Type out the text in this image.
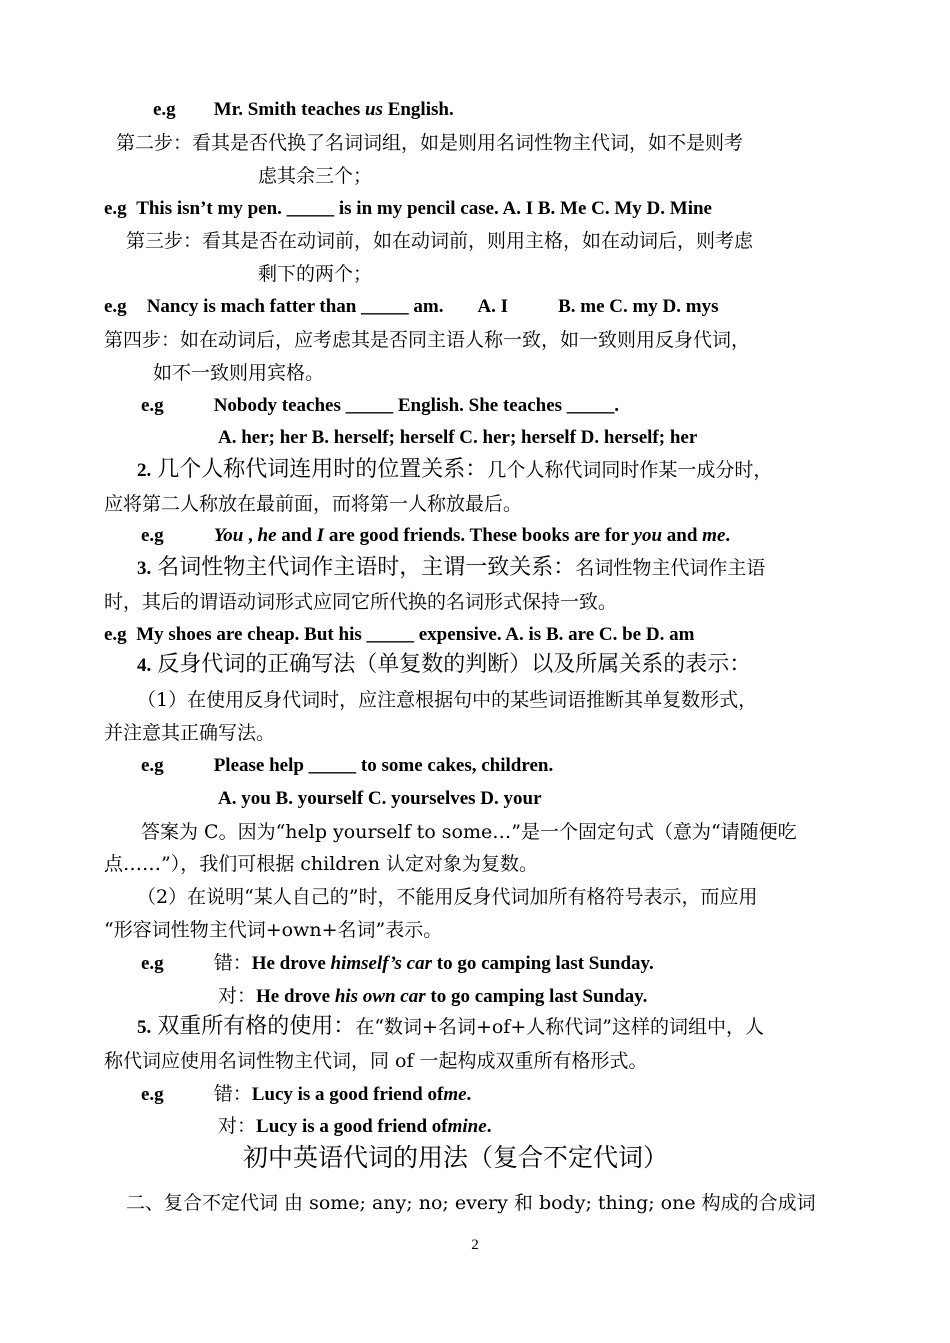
e.g Mr. Smith teaches us English.
第二步：看其是否代换了名词词组，如是则用名词性物主代词，如不是则考
虑其余三个；
e.g This isn’t my pen. _____ is in my pencil case. A. I B. Me C. My D. Mine
第三步：看其是否在动词前，如在动词前，则用主格，如在动词后，则考虑
剩下的两个；
e.g Nancy is mach fatter than _____ am. A. I	B. me C. my D. mys
第四步：如在动词后，应考虑其是否同主语人称一致，如一致则用反身代词，
如不一致则用宾格。
e.g	Nobody teaches _____ English. She teaches _____.
A. her; her B. herself; herself C. her; herself D. herself; her
2. 几个人称代词连用时的位置关系：几个人称代词同时作某一成分时，
应将第二人称放在最前面，而将第一人称放最后。
e.g	You , he and I are good friends. These books are for you and me.
3. 名词性物主代词作主语时，主谓一致关系：名词性物主代词作主语
时，其后的谓语动词形式应同它所代换的名词形式保持一致。
e.g My shoes are cheap. But his _____ expensive. A. is B. are C. be D. am
4. 反身代词的正确写法（单复数的判断）以及所属关系的表示：
（1）在使用反身代词时，应注意根据句中的某些词语推断其单复数形式，
并注意其正确写法。
e.g	Please help _____ to some cakes, children.
A. you B. yourself C. yourselves D. your
答案为 C。因为“help yourself to some…”是一个固定句式（意为“请随便吃
点……”），我们可根据 children 认定对象为复数。
（2）在说明“某人自己的”时，不能用反身代词加所有格符号表示，而应用
“形容词性物主代词+own+名词”表示。
e.g	错：He drove himself’s car to go camping last Sunday.
对：He drove his own car to go camping last Sunday.
5. 双重所有格的使用：在“数词+名词+of+人称代词”这样的词组中，人
称代词应使用名词性物主代词，同 of 一起构成双重所有格形式。
e.g	错：Lucy is a good friend ofme.
对：Lucy is a good friend ofmine.
初中英语代词的用法（复合不定代词）
二、复合不定代词 由 some; any; no; every 和 body; thing; one 构成的合成词
2
